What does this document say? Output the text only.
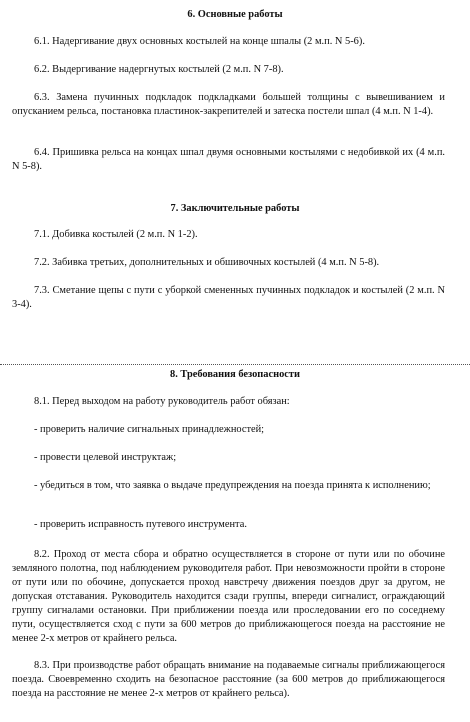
6. Основные работы
6.1. Надергивание двух основных костылей на конце шпалы (2 м.п. N 5-6).
6.2. Выдергивание надергнутых костылей (2 м.п. N 7-8).
6.3. Замена пучинных подкладок подкладками большей толщины с вывешиванием и опусканием рельса, постановка пластинок-закрепителей и затеска постели шпал (4 м.п. N 1-4).
6.4. Пришивка рельса на концах шпал двумя основными костылями с недобивкой их (4 м.п. N 5-8).
7. Заключительные работы
7.1. Добивка костылей (2 м.п. N 1-2).
7.2. Забивка третьих, дополнительных и обшивочных костылей (4 м.п. N 5-8).
7.3. Сметание щепы с пути с уборкой смененных пучинных подкладок и костылей (2 м.п. N 3-4).
8. Требования безопасности
8.1. Перед выходом на работу руководитель работ обязан:
- проверить наличие сигнальных принадлежностей;
- провести целевой инструктаж;
- убедиться в том, что заявка о выдаче предупреждения на поезда принята к исполнению;
- проверить исправность путевого инструмента.
8.2. Проход от места сбора и обратно осуществляется в стороне от пути или по обочине земляного полотна, под наблюдением руководителя работ. При невозможности пройти в стороне от пути или по обочине, допускается проход навстречу движения поездов друг за другом, не допуская отставания. Руководитель находится сзади группы, впереди сигналист, ограждающий группу сигналами остановки. При приближении поезда или проследовании его по соседнему пути, осуществляется сход с пути за 600 метров до приближающегося поезда на расстояние не менее 2-х метров от крайнего рельса.
8.3. При производстве работ обращать внимание на подаваемые сигналы приближающегося поезда. Своевременно сходить на безопасное расстояние (за 600 метров до приближающегося поезда на расстояние не менее 2-х метров от крайнего рельса).
